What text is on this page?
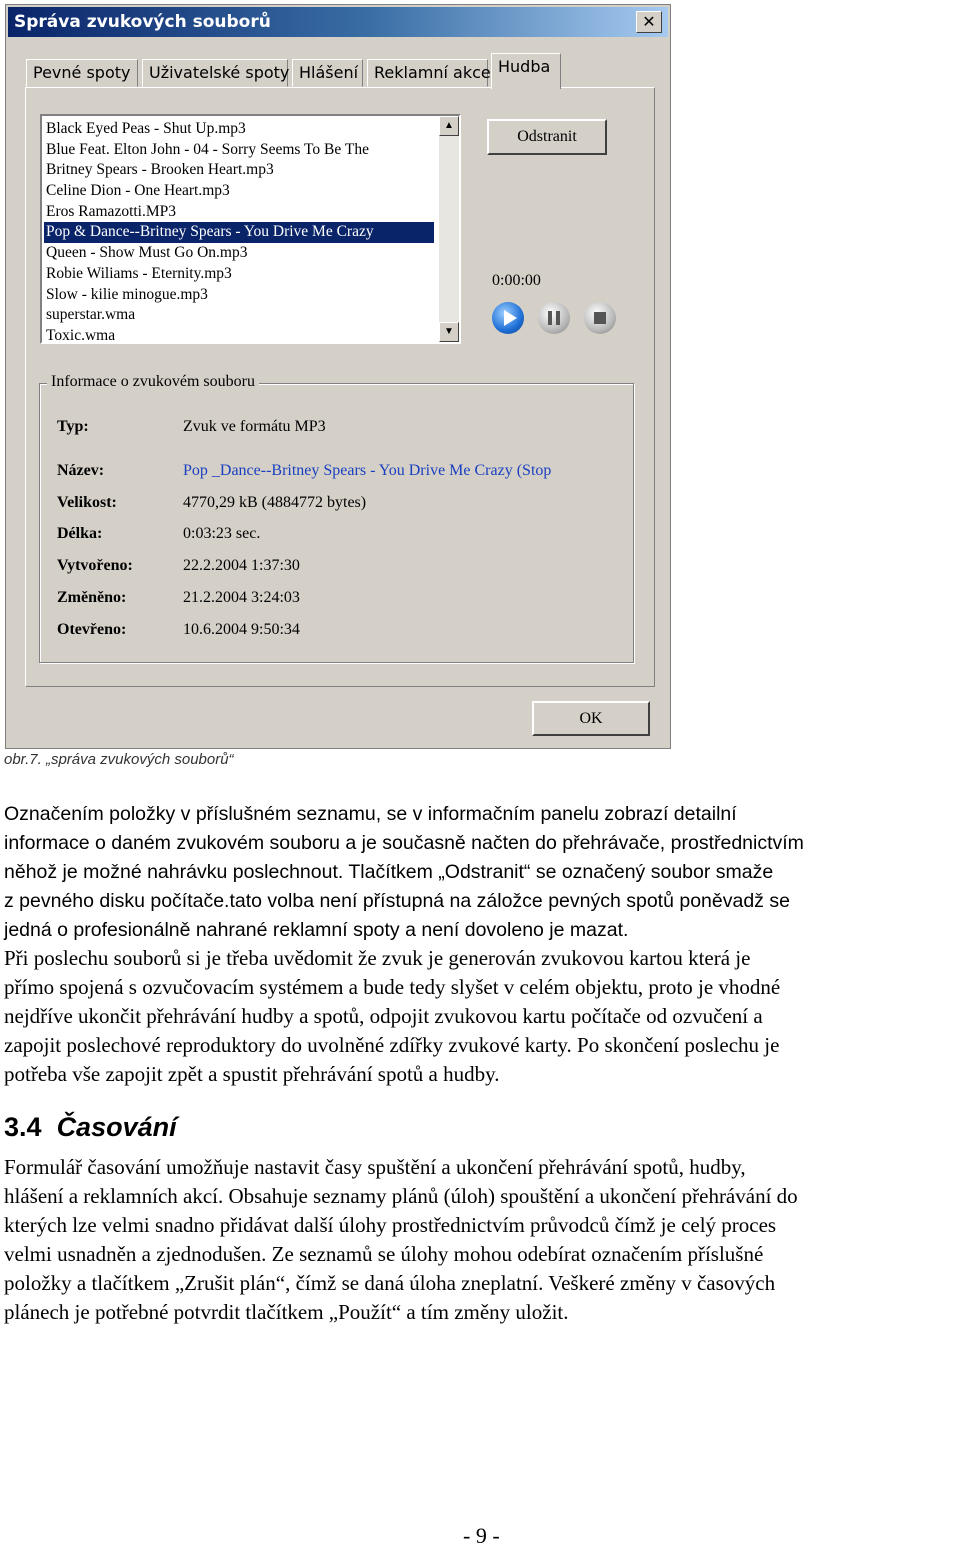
Správa zvukových souborů	✕
Pevné spoty	Uživatelské spoty Hlášení Reklamní akce Hudba
Black Eyed Peas - Shut Up.mp3
Blue Feat. Elton John - 04 - Sorry Seems To Be The
Britney Spears - Brooken Heart.mp3
Celine Dion - One Heart.mp3
Eros Ramazotti.MP3
Pop & Dance--Britney Spears - You Drive Me Crazy
Queen - Show Must Go On.mp3
Robie Wiliams - Eternity.mp3
Slow - kilie minogue.mp3
superstar.wma
Toxic.wma
▲
▼
Odstranit
0:00:00
Informace o zvukovém souboru
Typ:	Zvuk ve formátu MP3
Název:	Pop _Dance--Britney Spears - You Drive Me Crazy (Stop
Velikost:	4770,29 kB (4884772 bytes)
Délka:	0:03:23 sec.
Vytvořeno:	22.2.2004 1:37:30
Změněno:	21.2.2004 3:24:03
Otevřeno:	10.6.2004 9:50:34
OK
obr.7. „správa zvukových souborů“

Označením položky v příslušném seznamu, se v informačním panelu zobrazí detailní
informace o daném zvukovém souboru a je současně načten do přehrávače, prostřednictvím
něhož je možné nahrávku poslechnout. Tlačítkem „Odstranit“ se označený soubor smaže
z pevného disku počítače.tato volba není přístupná na záložce pevných spotů poněvadž se
jedná o profesionálně nahrané reklamní spoty a není dovoleno je mazat.

Při poslechu souborů si je třeba uvědomit že zvuk je generován zvukovou kartou která je
přímo spojená s ozvučovacím systémem a bude tedy slyšet v celém objektu, proto je vhodné
nejdříve ukončit přehrávání hudby a spotů, odpojit zvukovou kartu počítače od ozvučení a
zapojit poslechové reproduktory do uvolněné zdířky zvukové karty. Po skončení poslechu je
potřeba vše zapojit zpět a spustit přehrávání spotů a hudby.

3.4 Časování

Formulář časování umožňuje nastavit časy spuštění a ukončení přehrávání spotů, hudby,
hlášení a reklamních akcí. Obsahuje seznamy plánů (úloh) spouštění a ukončení přehrávání do
kterých lze velmi snadno přidávat další úlohy prostřednictvím průvodců čímž je celý proces
velmi usnadněn a zjednodušen. Ze seznamů se úlohy mohou odebírat označením příslušné
položky a tlačítkem „Zrušit plán“, čímž se daná úloha zneplatní. Veškeré změny v časových
plánech je potřebné potvrdit tlačítkem „Použít“ a tím změny uložit.

- 9 -
